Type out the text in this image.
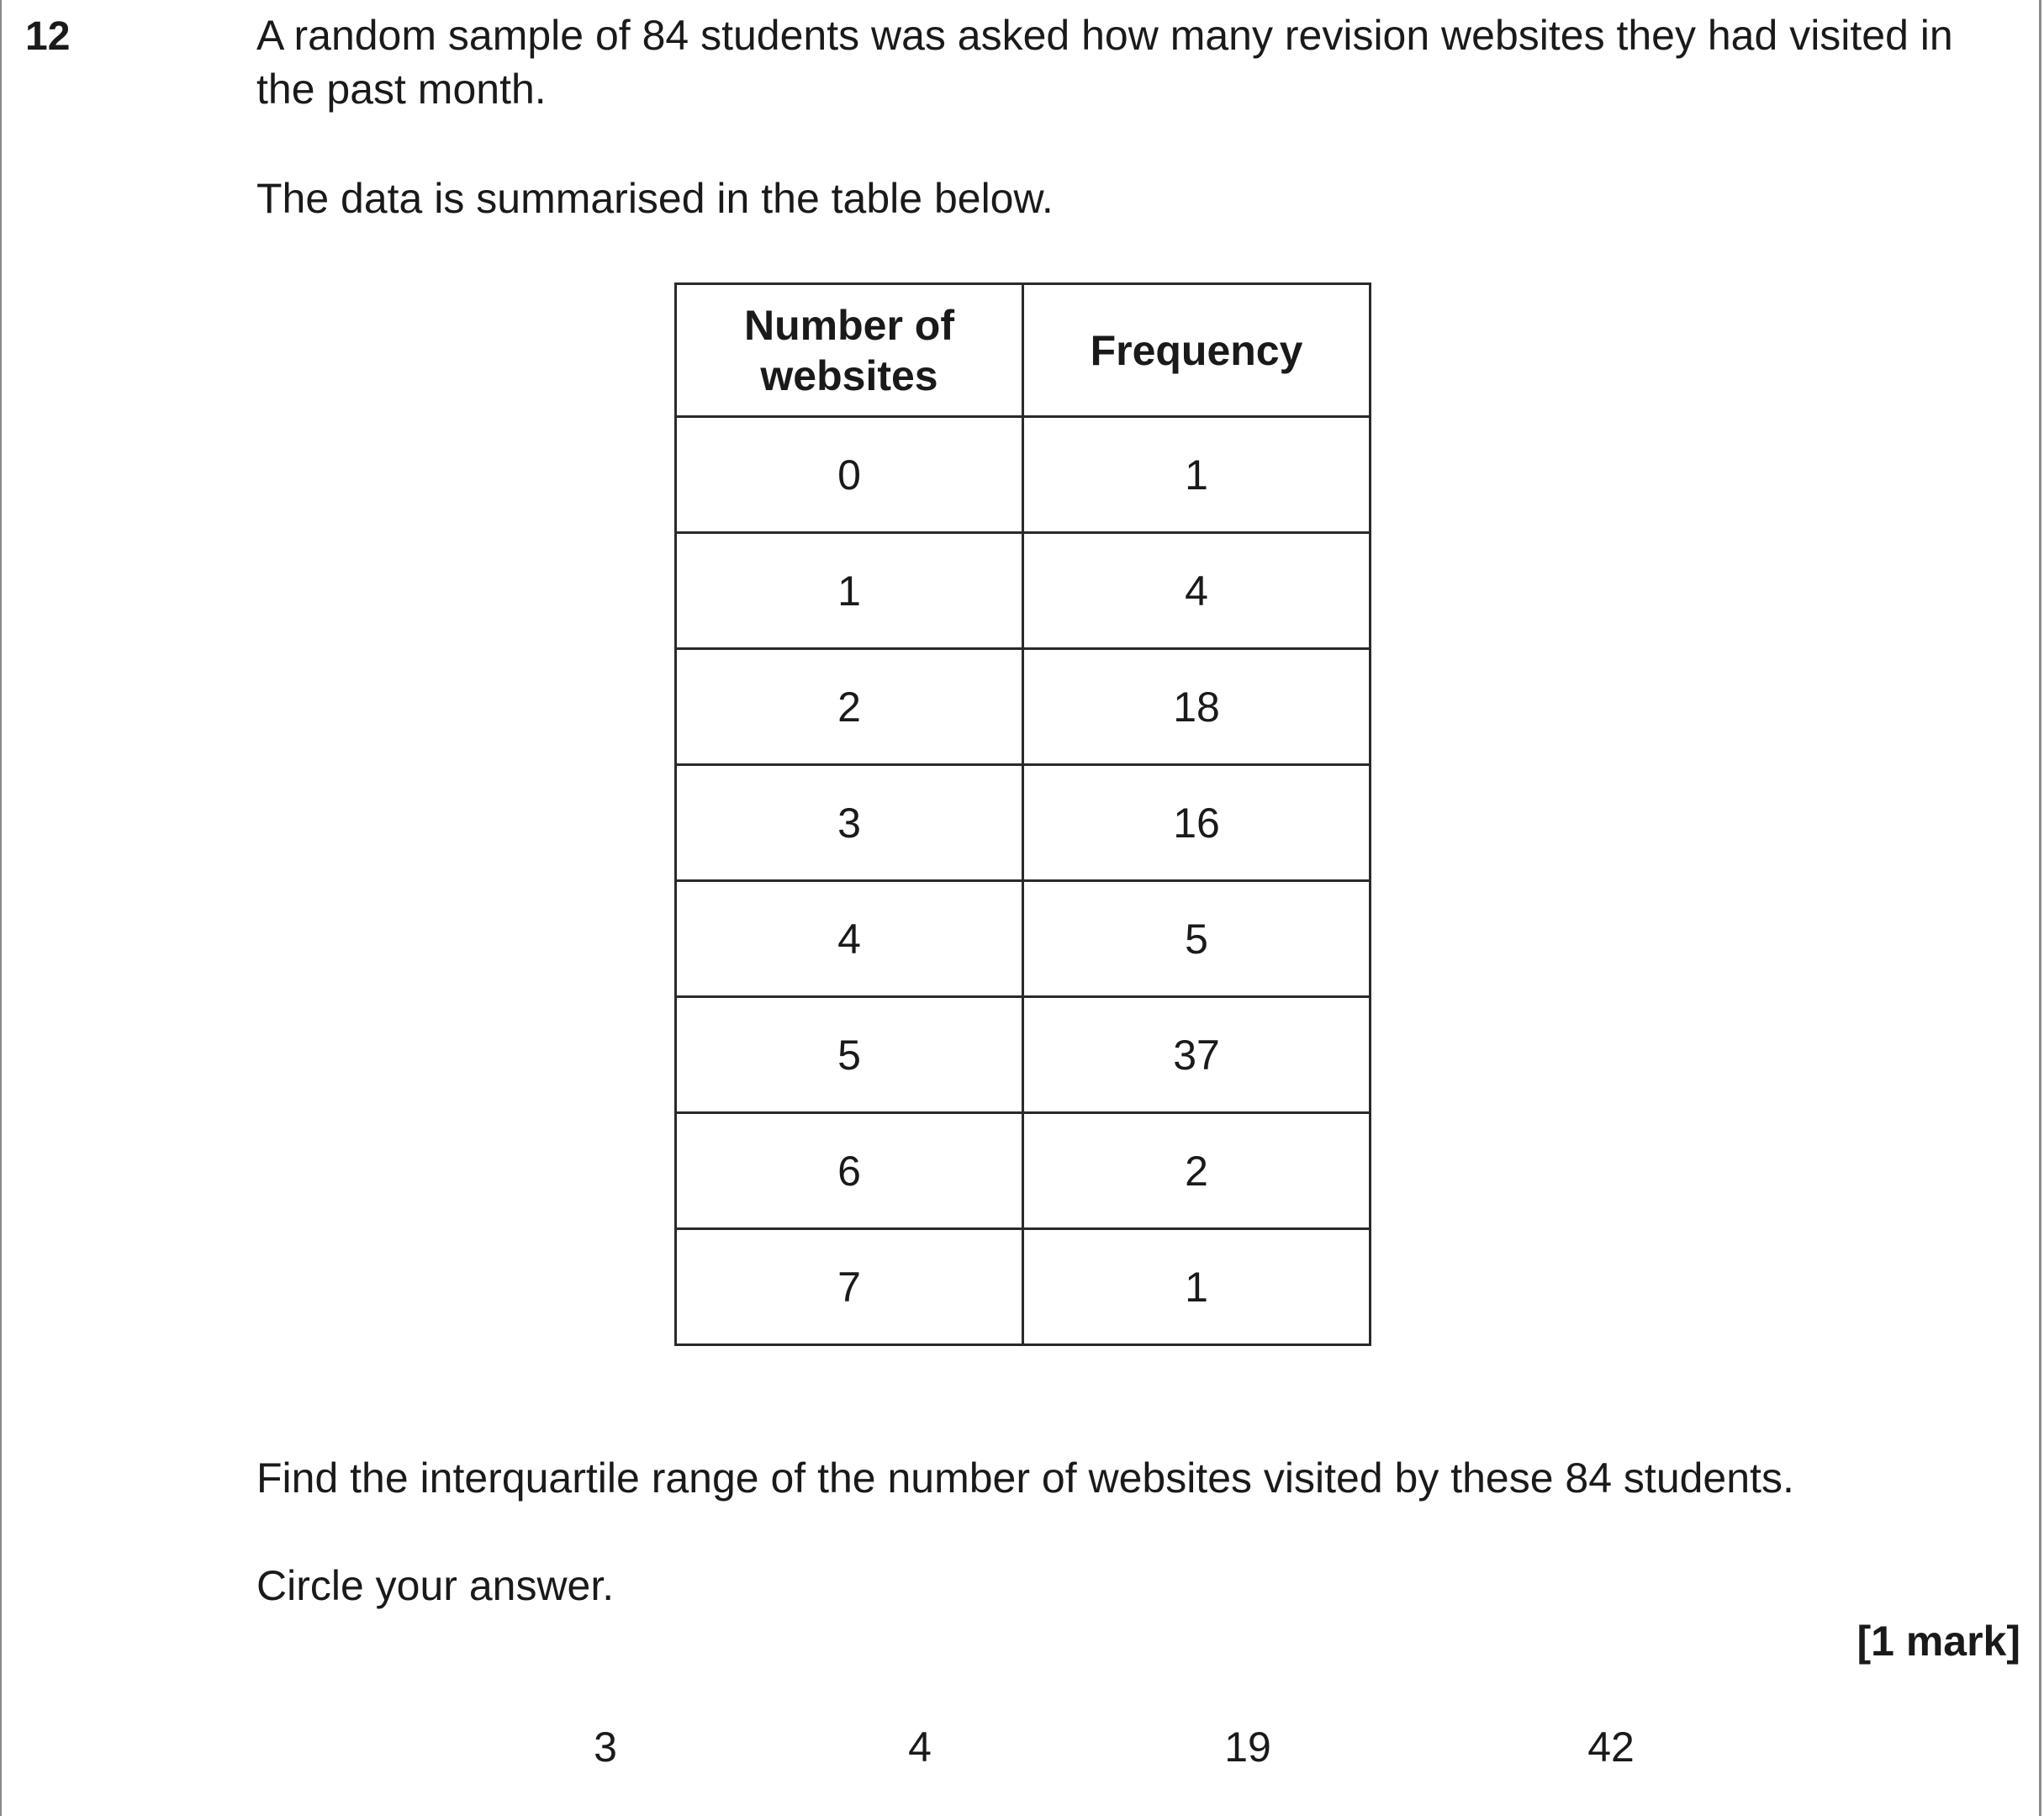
12	A random sample of 84 students was asked how many revision websites they had visited in the past month.

The data is summarised in the table below.

Number of websites	Frequency
0	1
1	4
2	18
3	16
4	5
5	37
6	2
7	1

Find the interquartile range of the number of websites visited by these 84 students.

Circle your answer.

[1 mark]
3	4	19	42
